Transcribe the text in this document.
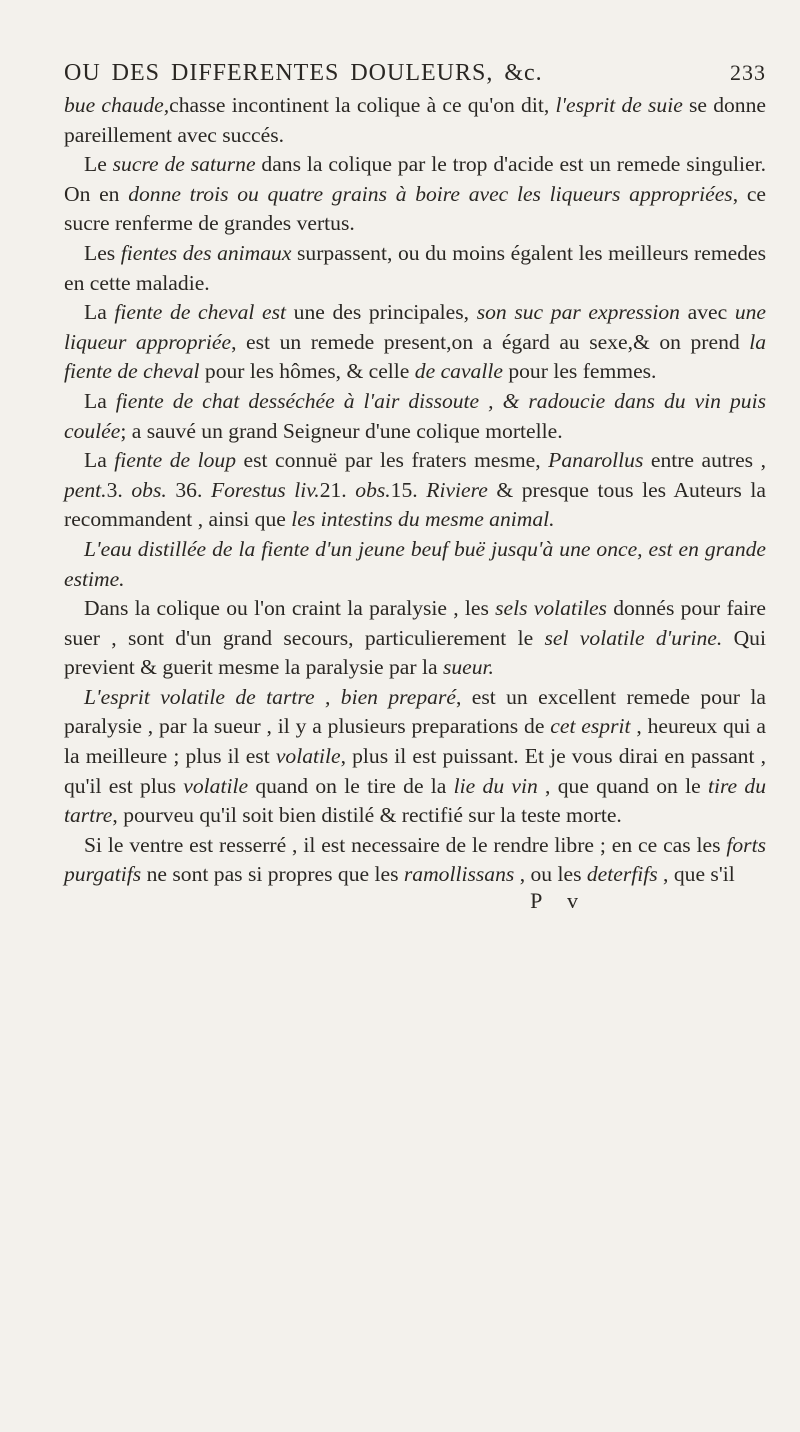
OU DES DIFFERENTES DOULEURS, &c.	233

bue chaude,chasse incontinent la colique à ce qu'on dit, l'esprit de suie se donne pareillement avec succés.

Le sucre de saturne dans la colique par le trop d'acide est un remede singulier. On en donne trois ou quatre grains à boire avec les liqueurs appropriées, ce sucre renferme de grandes vertus.

Les fientes des animaux surpassent, ou du moins égalent les meilleurs remedes en cette maladie.

La fiente de cheval est une des principales, son suc par expression avec une liqueur appropriée, est un remede present,on a égard au sexe,& on prend la fiente de cheval pour les hômes, & celle de cavalle pour les femmes.

La fiente de chat desséchée à l'air dissoute , & radoucie dans du vin puis coulée; a sauvé un grand Seigneur d'une colique mortelle.

La fiente de loup est connuë par les fraters mesme, Panarollus entre autres , pent.3. obs. 36. Forestus liv.21. obs.15. Riviere & presque tous les Auteurs la recommandent , ainsi que les intestins du mesme animal.

L'eau distillée de la fiente d'un jeune beuf buë jusqu'à une once, est en grande estime.

Dans la colique ou l'on craint la paralysie , les sels volatiles donnés pour faire suer , sont d'un grand secours, particulierement le sel volatile d'urine. Qui previent & guerit mesme la paralysie par la sueur.

L'esprit volatile de tartre , bien preparé, est un excellent remede pour la paralysie , par la sueur , il y a plusieurs preparations de cet esprit , heureux qui a la meilleure ; plus il est volatile, plus il est puissant. Et je vous dirai en passant , qu'il est plus volatile quand on le tire de la lie du vin , que quand on le tire du tartre, pourveu qu'il soit bien distilé & rectifié sur la teste morte.

Si le ventre est resserré , il est necessaire de le rendre libre ; en ce cas les forts purgatifs ne sont pas si propres que les ramollissans , ou les deterfifs , que s'il

P v
